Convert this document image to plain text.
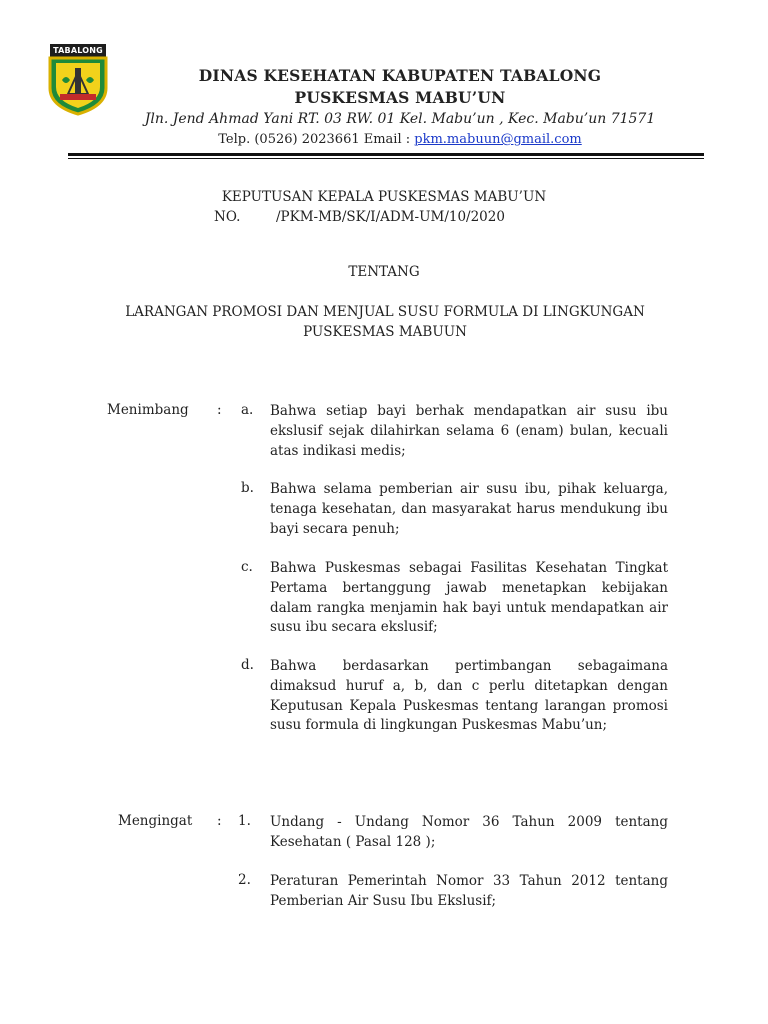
TABALONG
DINAS KESEHATAN KABUPATEN TABALONG
PUSKESMAS MABU’UN
Jln. Jend Ahmad Yani RT. 03 RW. 01 Kel. Mabu’un , Kec. Mabu’un 71571
Telp. (0526) 2023661 Email : pkm.mabuun@gmail.com
KEPUTUSAN KEPALA PUSKESMAS MABU’UN
NO.	/PKM-MB/SK/I/ADM-UM/10/2020
TENTANG
LARANGAN PROMOSI DAN MENJUAL SUSU FORMULA DI LINGKUNGAN
PUSKESMAS MABUUN
Menimbang : a. Bahwa setiap bayi berhak mendapatkan air susu ibu ekslusif sejak dilahirkan selama 6 (enam) bulan, kecuali atas indikasi medis;
b. Bahwa selama pemberian air susu ibu, pihak keluarga, tenaga kesehatan, dan masyarakat harus mendukung ibu bayi secara penuh;
c. Bahwa Puskesmas sebagai Fasilitas Kesehatan Tingkat Pertama bertanggung jawab menetapkan kebijakan dalam rangka menjamin hak bayi untuk mendapatkan air susu ibu secara ekslusif;
d. Bahwa berdasarkan pertimbangan sebagaimana dimaksud huruf a, b, dan c perlu ditetapkan dengan Keputusan Kepala Puskesmas tentang larangan promosi susu formula di lingkungan Puskesmas Mabu’un;
Mengingat : 1. Undang - Undang Nomor 36 Tahun 2009 tentang Kesehatan ( Pasal 128 );
2. Peraturan Pemerintah Nomor 33 Tahun 2012 tentang Pemberian Air Susu Ibu Ekslusif;
